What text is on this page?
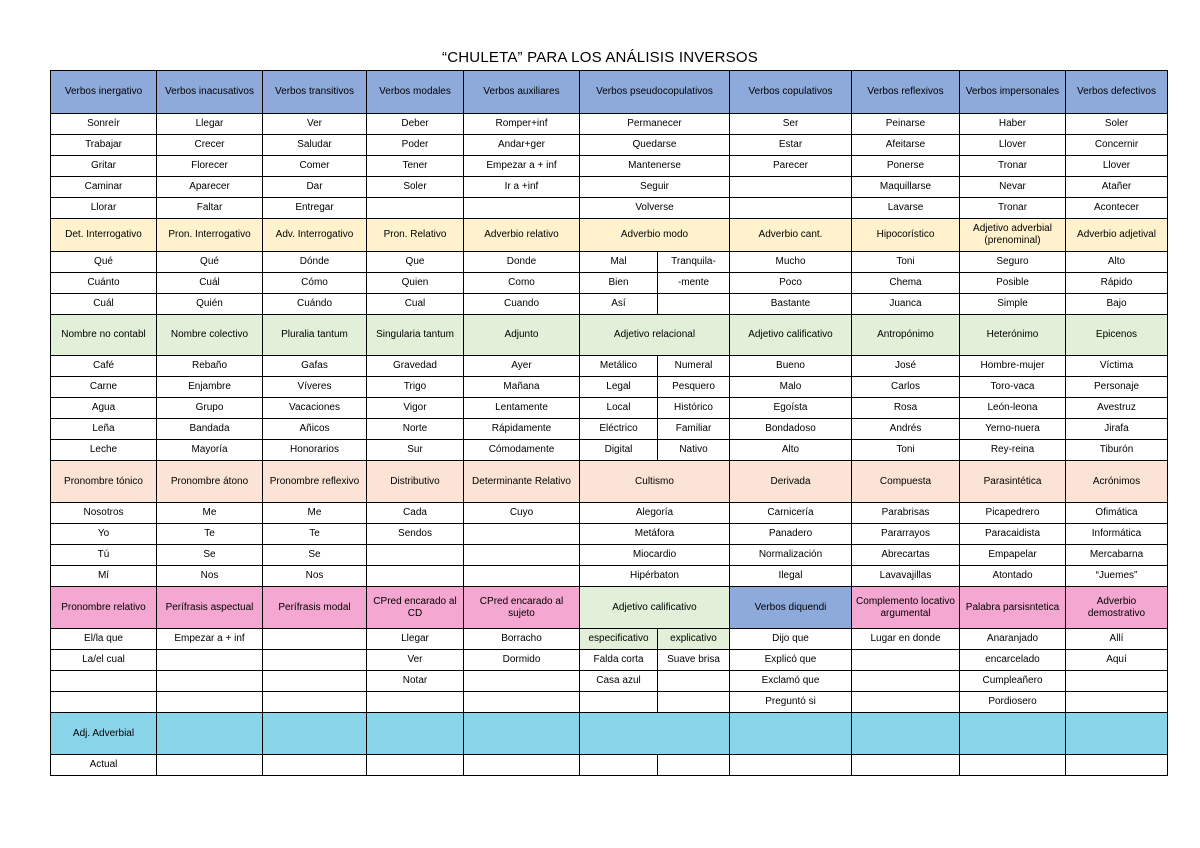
“CHULETA” PARA LOS ANÁLISIS INVERSOS
Verbos inergativo	Verbos inacusativos	Verbos transitivos	Verbos modales	Verbos auxiliares	Verbos pseudocopulativos		Verbos copulativos	Verbos reflexivos	Verbos impersonales	Verbos defectivos
Sonreír	Llegar	Ver	Deber	Romper+inf	Permanecer		Ser	Peinarse	Haber	Soler
Trabajar	Crecer	Saludar	Poder	Andar+ger	Quedarse		Estar	Afeitarse	Llover	Concernir
Gritar	Florecer	Comer	Tener	Empezar a + inf	Mantenerse		Parecer	Ponerse	Tronar	Llover
Caminar	Aparecer	Dar	Soler	Ir a +inf	Seguir			Maquillarse	Nevar	Atañer
Llorar	Faltar	Entregar			Volverse			Lavarse	Tronar	Acontecer
Det. Interrogativo	Pron. Interrogativo	Adv. Interrogativo	Pron. Relativo	Adverbio relativo	Adverbio modo		Adverbio cant.	Hipocorístico	Adjetivo adverbial (prenominal)	Adverbio adjetival
Qué	Qué	Dónde	Que	Donde	Mal	Tranquila-	Mucho	Toni	Seguro	Alto
Cuánto	Cuál	Cómo	Quien	Como	Bien	-mente	Poco	Chema	Posible	Rápido
Cuál	Quién	Cuándo	Cual	Cuando	Así		Bastante	Juanca	Simple	Bajo
Nombre no contabl	Nombre colectivo	Pluralia tantum	Singularia tantum	Adjunto	Adjetivo relacional		Adjetivo calificativo	Antropónimo	Heterónimo	Epicenos
Café	Rebaño	Gafas	Gravedad	Ayer	Metálico	Numeral	Bueno	José	Hombre-mujer	Víctima
Carne	Enjambre	Víveres	Trigo	Mañana	Legal	Pesquero	Malo	Carlos	Toro-vaca	Personaje
Agua	Grupo	Vacaciones	Vigor	Lentamente	Local	Histórico	Egoísta	Rosa	León-leona	Avestruz
Leña	Bandada	Añicos	Norte	Rápidamente	Eléctrico	Familiar	Bondadoso	Andrés	Yerno-nuera	Jirafa
Leche	Mayoría	Honorarios	Sur	Cómodamente	Digital	Nativo	Alto	Toni	Rey-reina	Tiburón
Pronombre tónico	Pronombre átono	Pronombre reflexivo	Distributivo	Determinante Relativo	Cultismo		Derivada	Compuesta	Parasintética	Acrónimos
Nosotros	Me	Me	Cada	Cuyo	Alegoría		Carnicería	Parabrisas	Picapedrero	Ofimática
Yo	Te	Te	Sendos		Metáfora		Panadero	Pararrayos	Paracaidista	Informática
Tú	Se	Se			Miocardio		Normalización	Abrecartas	Empapelar	Mercabarna
Mí	Nos	Nos			Hipérbaton		Ilegal	Lavavajillas	Atontado	“Juemes”
Pronombre relativo	Perífrasis aspectual	Perífrasis modal	CPred encarado al CD	CPred encarado al sujeto	Adjetivo calificativo		Verbos diquendi	Complemento locativo argumental	Palabra parsisntetica	Adverbio demostrativo
El/la que	Empezar a + inf		Llegar	Borracho	especificativo	explicativo	Dijo que	Lugar en donde	Anaranjado	Allí
La/el cual			Ver	Dormido	Falda corta	Suave brisa	Explicó que		encarcelado	Aquí
			Notar		Casa azul		Exclamó que		Cumpleañero	
							Preguntó si		Pordiosero	
Adj. Adverbial										
Actual										
